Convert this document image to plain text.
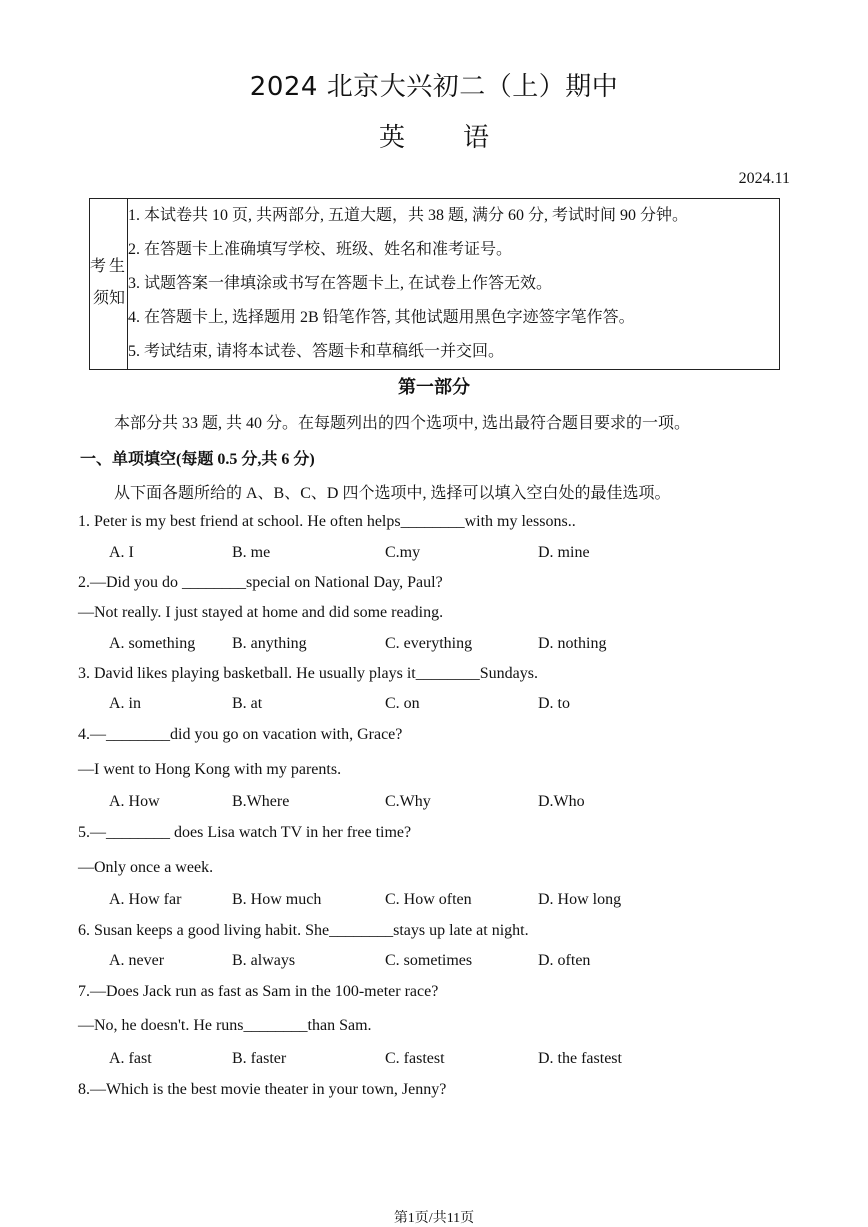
2024 北京大兴初二（上）期中
英语
2024.11
考生
须知
1. 本试卷共 10 页, 共两部分, 五道大题，共 38 题, 满分 60 分, 考试时间 90 分钟。
2. 在答题卡上准确填写学校、班级、姓名和准考证号。
3. 试题答案一律填涂或书写在答题卡上, 在试卷上作答无效。
4. 在答题卡上, 选择题用 2B 铅笔作答, 其他试题用黑色字迹签字笔作答。
5. 考试结束, 请将本试卷、答题卡和草稿纸一并交回。
第一部分
本部分共 33 题, 共 40 分。在每题列出的四个选项中, 选出最符合题目要求的一项。
一、单项填空(每题 0.5 分,共 6 分)
从下面各题所给的 A、B、C、D 四个选项中, 选择可以填入空白处的最佳选项。
1. Peter is my best friend at school. He often helps________with my lessons..
A. I	B. me	C.my	D. mine
2.—Did you do ________special on National Day, Paul?
—Not really. I just stayed at home and did some reading.
A. something B. anything	C. everything	D. nothing
3. David likes playing basketball. He usually plays it________Sundays.
A. in	B. at	C. on	D. to
4.—________did you go on vacation with, Grace?
—I went to Hong Kong with my parents.
A. How	B.Where	C.Why	D.Who
5.—________ does Lisa watch TV in her free time?
—Only once a week.
A. How far	B. How much	C. How often	D. How long
6. Susan keeps a good living habit. She________stays up late at night.
A. never	B. always	C. sometimes	D. often
7.—Does Jack run as fast as Sam in the 100-meter race?
—No, he doesn't. He runs________than Sam.
A. fast	B. faster	C. fastest	D. the fastest
8.—Which is the best movie theater in your town, Jenny?
第1页/共11页
